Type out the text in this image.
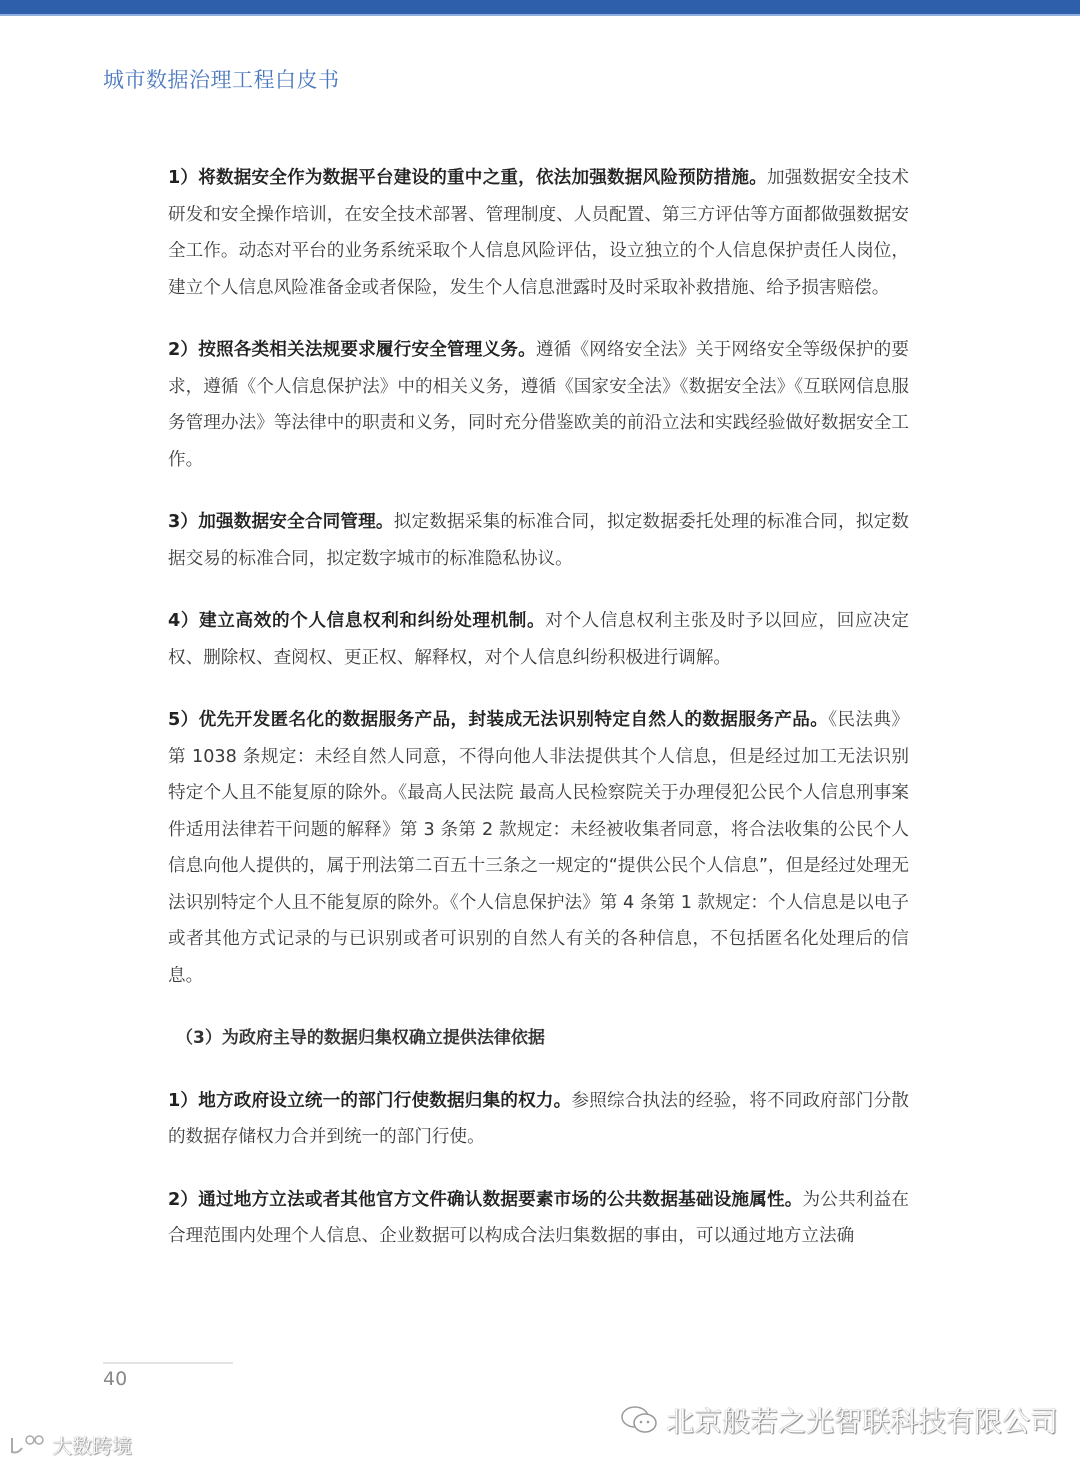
城市数据治理工程白皮书

1）将数据安全作为数据平台建设的重中之重，依法加强数据风险预防措施。加强数据安全技术研发和安全操作培训，在安全技术部署、管理制度、人员配置、第三方评估等方面都做强数据安全工作。动态对平台的业务系统采取个人信息风险评估，设立独立的个人信息保护责任人岗位，建立个人信息风险准备金或者保险，发生个人信息泄露时及时采取补救措施、给予损害赔偿。

2）按照各类相关法规要求履行安全管理义务。遵循《网络安全法》关于网络安全等级保护的要求，遵循《个人信息保护法》中的相关义务，遵循《国家安全法》《数据安全法》《互联网信息服务管理办法》等法律中的职责和义务，同时充分借鉴欧美的前沿立法和实践经验做好数据安全工作。

3）加强数据安全合同管理。拟定数据采集的标准合同，拟定数据委托处理的标准合同，拟定数据交易的标准合同，拟定数字城市的标准隐私协议。

4）建立高效的个人信息权利和纠纷处理机制。对个人信息权利主张及时予以回应，回应决定权、删除权、查阅权、更正权、解释权，对个人信息纠纷积极进行调解。

5）优先开发匿名化的数据服务产品，封装成无法识别特定自然人的数据服务产品。《民法典》第 1038 条规定：未经自然人同意，不得向他人非法提供其个人信息，但是经过加工无法识别特定个人且不能复原的除外。《最高人民法院 最高人民检察院关于办理侵犯公民个人信息刑事案件适用法律若干问题的解释》第 3 条第 2 款规定：未经被收集者同意，将合法收集的公民个人信息向他人提供的，属于刑法第二百五十三条之一规定的“提供公民个人信息”，但是经过处理无法识别特定个人且不能复原的除外。《个人信息保护法》第 4 条第 1 款规定：个人信息是以电子或者其他方式记录的与已识别或者可识别的自然人有关的各种信息，不包括匿名化处理后的信息。

（3）为政府主导的数据归集权确立提供法律依据

1）地方政府设立统一的部门行使数据归集的权力。参照综合执法的经验，将不同政府部门分散的数据存储权力合并到统一的部门行使。

2）通过地方立法或者其他官方文件确认数据要素市场的公共数据基础设施属性。为公共利益在合理范围内处理个人信息、企业数据可以构成合法归集数据的事由，可以通过地方立法确

40
北京般若之光智联科技有限公司
大数跨境
